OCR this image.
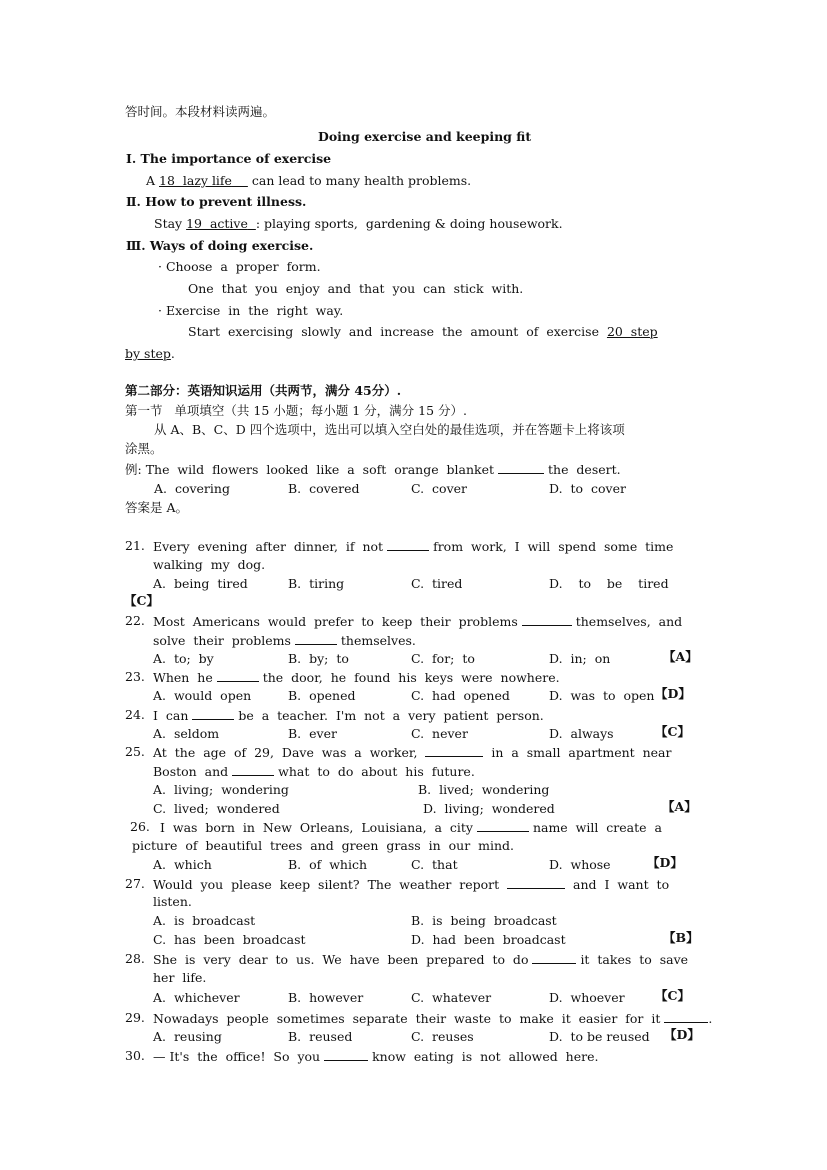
答时间。本段材料读两遍。
Doing exercise and keeping fit
Ⅰ. The importance of exercise
A 18  lazy life can lead to many health problems.
Ⅱ. How to prevent illness.
Stay 19  active : playing sports,  gardening & doing housework.
Ⅲ. Ways of doing exercise.
· Choose  a  proper  form.
One  that  you  enjoy  and  that  you  can  stick  with.
· Exercise  in  the  right  way.
Start  exercising  slowly  and  increase  the  amount  of  exercise 20  step
by step.
第二部分：英语知识运用（共两节，满分 45分）.
第一节   单项填空（共 15 小题；每小题 1 分，满分 15 分）.
从 A、B、C、D 四个选项中，选出可以填入空白处的最佳选项，并在答题卡上将该项
涂黑。
例: The  wild  flowers  looked  like  a  soft  orange  blanket	the  desert.
A.  covering	B.  covered	C.  cover	D.  to  cover
答案是 A。
21. Every  evening  after  dinner,  if  not	from  work,  I  will  spend  some  time
walking  my  dog.
A.  being  tired	B.  tiring	C.  tired	D.    to    be    tired
【C】
22. Most  Americans  would  prefer  to  keep  their  problems	themselves,  and
solve  their  problems	themselves.
A.  to;  by	B.  by;  to	C.  for;  to	D.  in;  on	【A】
23. When  he	the  door,  he  found  his  keys  were  nowhere.
A.  would  open	B.  opened	C.  had  opened	D.  was  to  open 【D】
24. I  can	be  a  teacher.  I'm  not  a  very  patient  person.
A.  seldom	B.  ever	C.  never	D.  always	【C】
25. At  the  age  of  29,  Dave  was  a  worker,	in  a  small  apartment  near
Boston  and	what  to  do  about  his  future.
A.  living;  wondering	B.  lived;  wondering
C.  lived;  wondered	D.  living;  wondered	【A】
26. I  was  born  in  New  Orleans,  Louisiana,  a  city	name  will  create  a
picture  of  beautiful  trees  and  green  grass  in  our  mind.
A.  which	B.  of  which	C.  that	D.  whose	【D】
27. Would  you  please  keep  silent?  The  weather  report	and  I  want  to
listen.
A.  is  broadcast	B.  is  being  broadcast
C.  has  been  broadcast	D.  had  been  broadcast	【B】
28. She  is  very  dear  to  us.  We  have  been  prepared  to  do	it  takes  to  save
her  life.
A.  whichever	B.  however	C.  whatever	D.  whoever 【C】
29. Nowadays  people  sometimes  separate  their  waste  to  make  it  easier  for  it	.
A.  reusing	B.  reused	C.  reuses	D.  to be reused 【D】
30. — It's  the  office!  So  you	know  eating  is  not  allowed  here.
